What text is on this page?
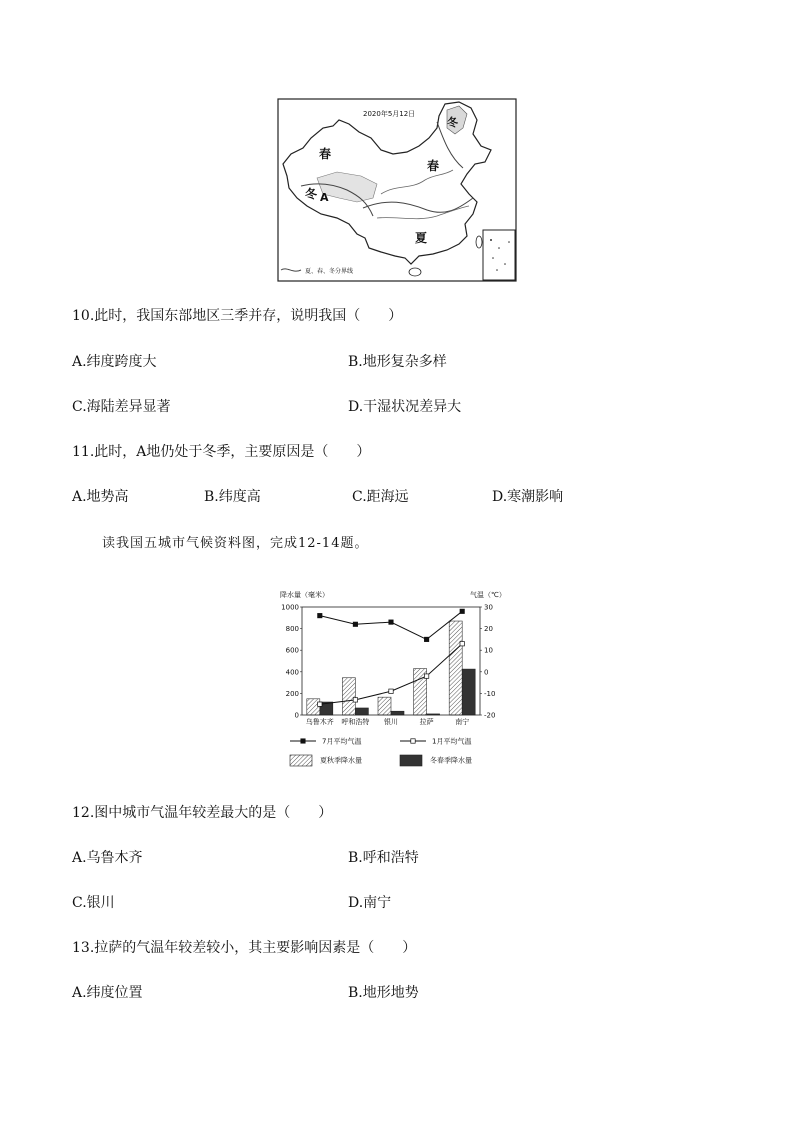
夏、春、冬分界线
2020年5月12日
冬
春
春
冬 A
夏
10.此时，我国东部地区三季并存，说明我国（　　）
A.纬度跨度大	B.地形复杂多样
C.海陆差异显著	D.干湿状况差异大
11.此时，A地仍处于冬季，主要原因是（　　）
A.地势高	B.纬度高	C.距海远	D.寒潮影响
读我国五城市气候资料图，完成12-14题。
降水量（毫米）	气温（℃）
0
200
400
600
800
1000
-20
-10
0
10
20
30
乌鲁木齐 呼和浩特 银川	拉萨	南宁
7月平均气温	1月平均气温
夏秋季降水量	冬春季降水量
12.图中城市气温年较差最大的是（　　）
A.乌鲁木齐	B.呼和浩特
C.银川	D.南宁
13.拉萨的气温年较差较小，其主要影响因素是（　　）
A.纬度位置	B.地形地势
